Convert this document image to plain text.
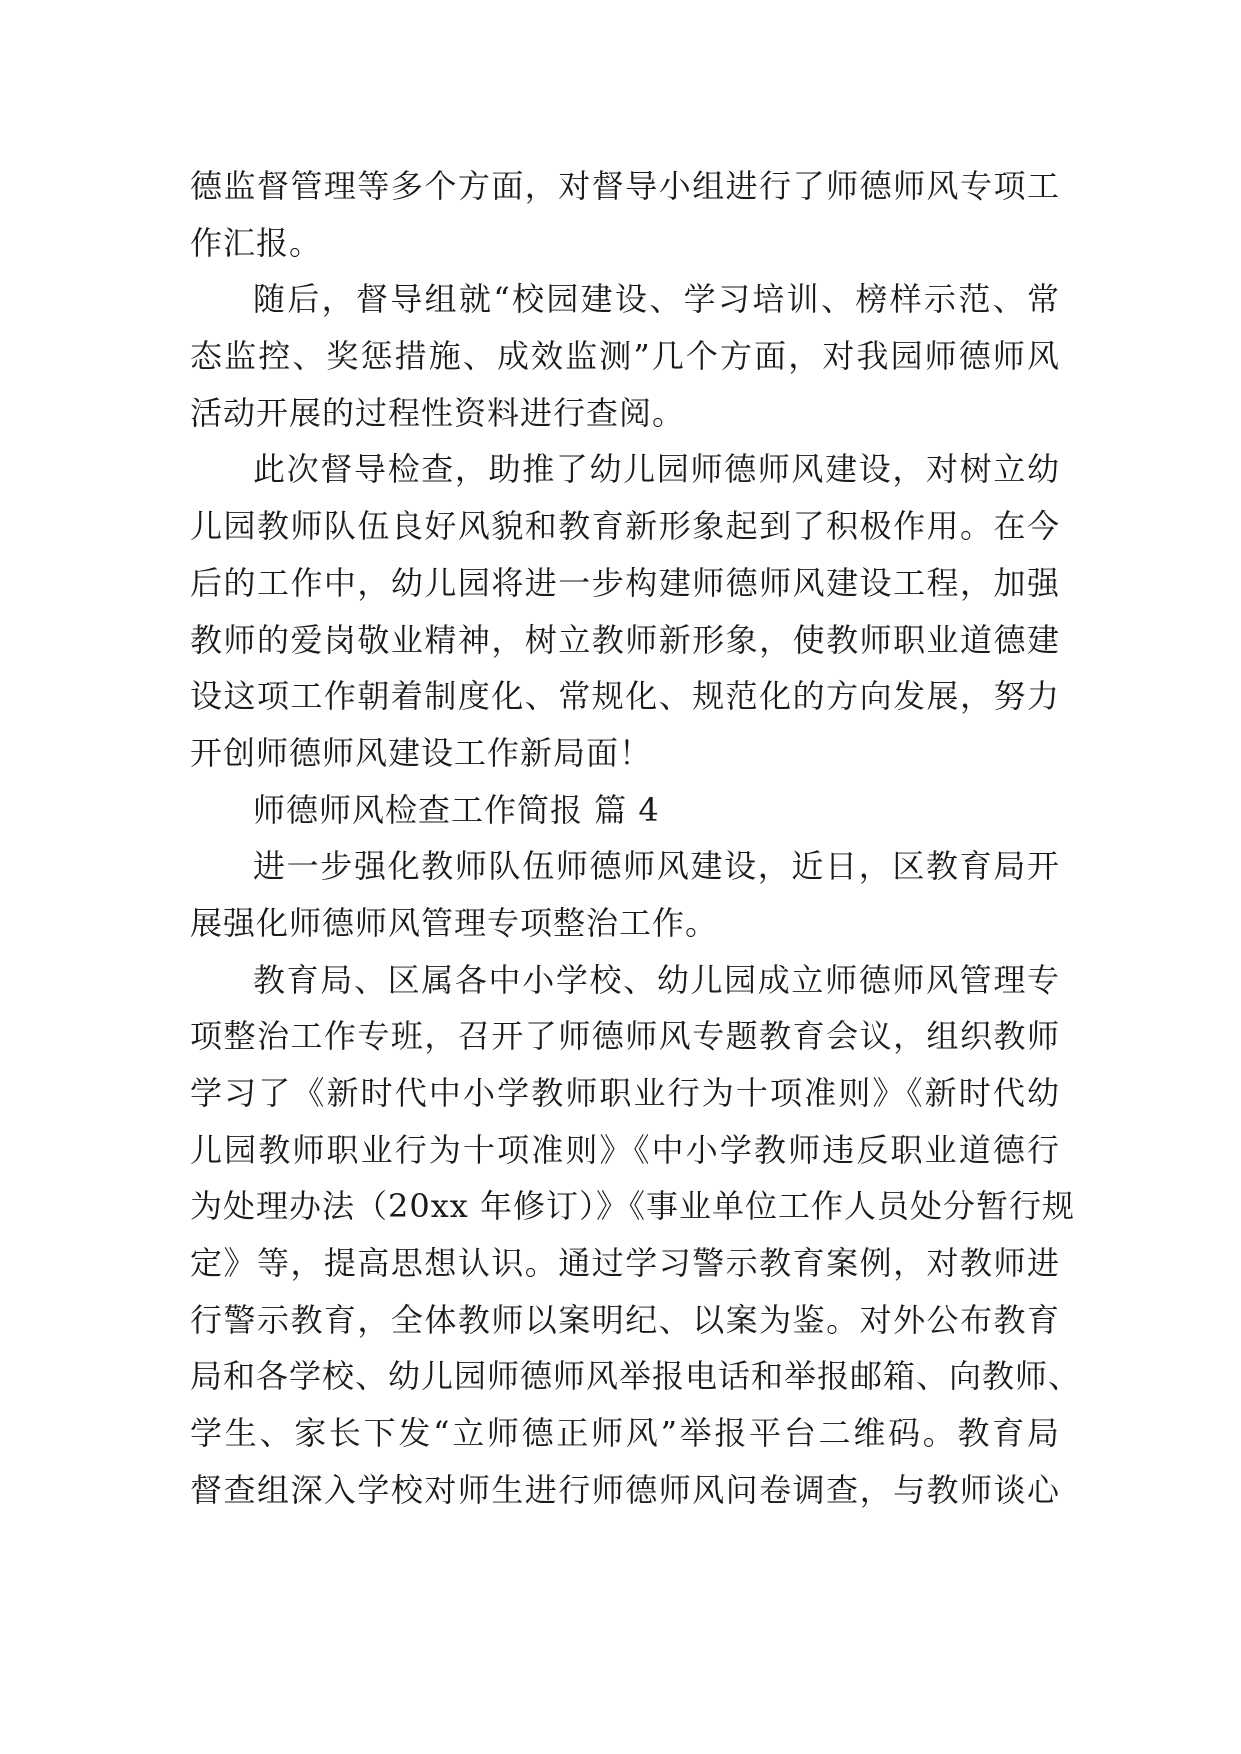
德监督管理等多个方面，对督导小组进行了师德师风专项工
作汇报。
随后，督导组就“校园建设、学习培训、榜样示范、常
态监控、奖惩措施、成效监测”几个方面，对我园师德师风
活动开展的过程性资料进行查阅。
此次督导检查，助推了幼儿园师德师风建设，对树立幼
儿园教师队伍良好风貌和教育新形象起到了积极作用。在今
后的工作中，幼儿园将进一步构建师德师风建设工程，加强
教师的爱岗敬业精神，树立教师新形象，使教师职业道德建
设这项工作朝着制度化、常规化、规范化的方向发展，努力
开创师德师风建设工作新局面！
师德师风检查工作简报 篇 4
进一步强化教师队伍师德师风建设，近日，区教育局开
展强化师德师风管理专项整治工作。
教育局、区属各中小学校、幼儿园成立师德师风管理专
项整治工作专班，召开了师德师风专题教育会议，组织教师
学习了《新时代中小学教师职业行为十项准则》《新时代幼
儿园教师职业行为十项准则》《中小学教师违反职业道德行
为处理办法（20xx 年修订）》《事业单位工作人员处分暂行规
定》等，提高思想认识。通过学习警示教育案例，对教师进
行警示教育，全体教师以案明纪、以案为鉴。对外公布教育
局和各学校、幼儿园师德师风举报电话和举报邮箱、向教师、
学生、家长下发“立师德正师风”举报平台二维码。教育局
督查组深入学校对师生进行师德师风问卷调查，与教师谈心
